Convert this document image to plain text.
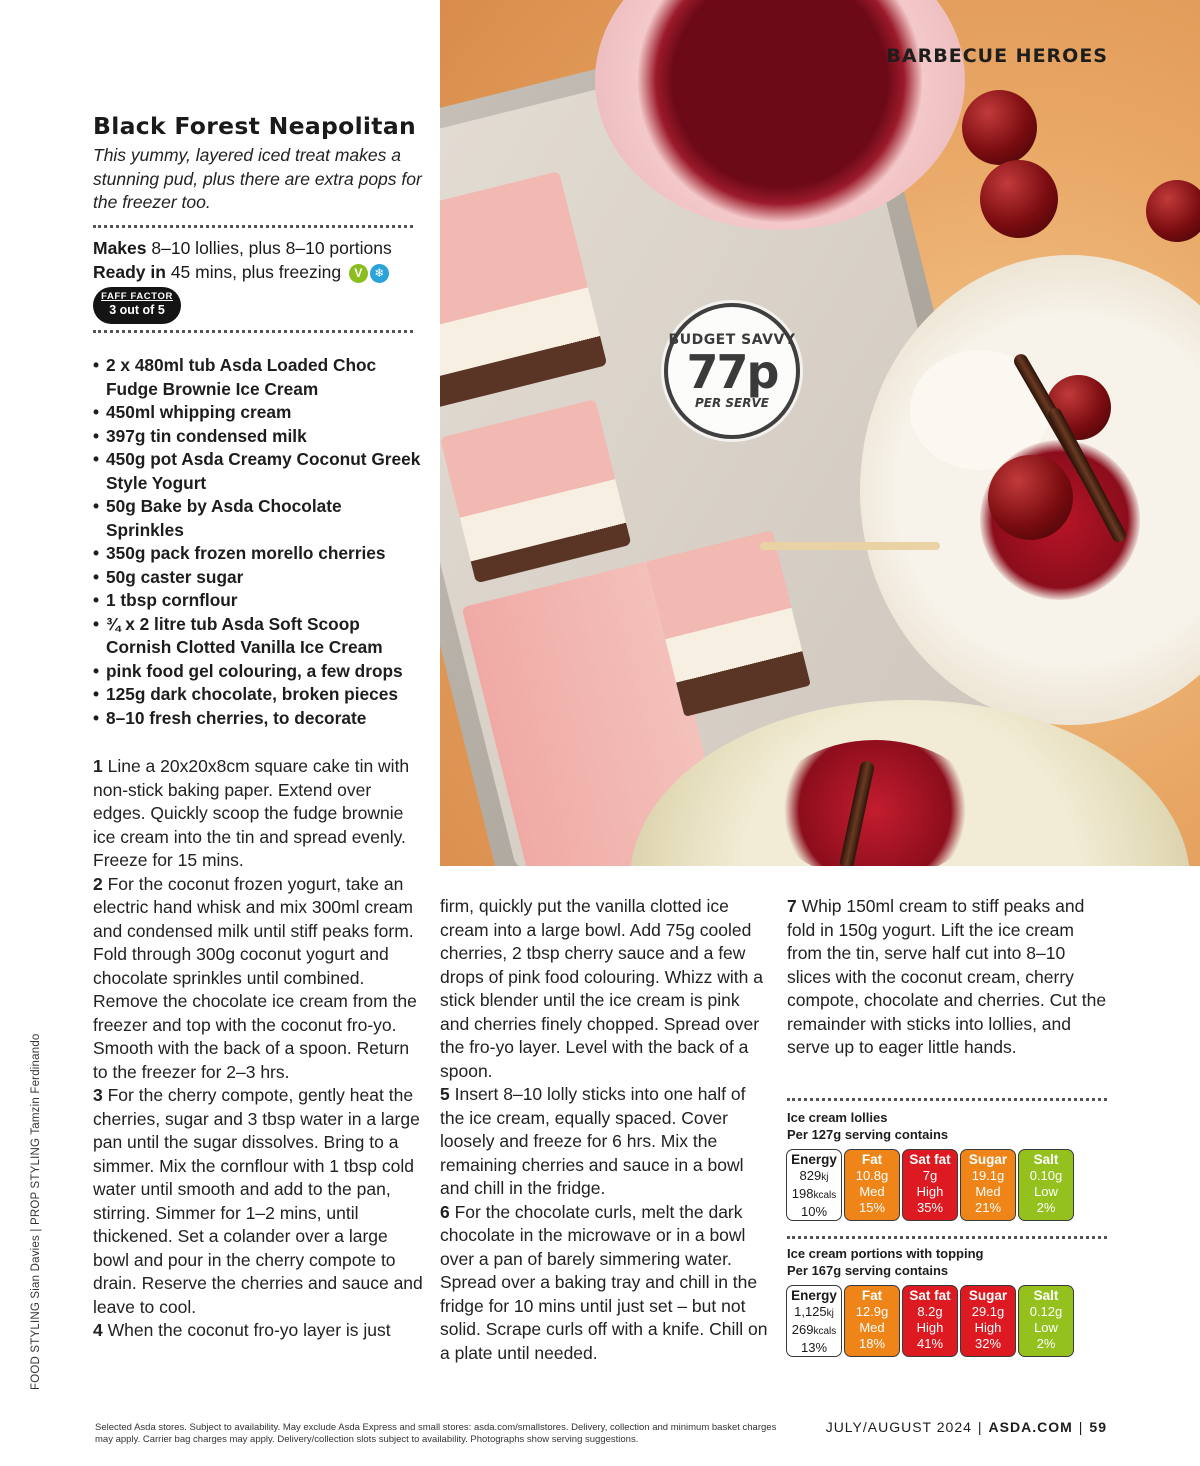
BUDGET SAVVY
77p
PER SERVE
BARBECUE HEROES
Black Forest Neapolitan

This yummy, layered iced treat makes a stunning pud, plus there are extra pops for the freezer too.

Makes 8–10 lollies, plus 8–10 portions
Ready in 45 mins, plus freezing V ❄
FAFF FACTOR
3 out of 5
• 2 x 480ml tub Asda Loaded Choc Fudge Brownie Ice Cream
• 450ml whipping cream
• 397g tin condensed milk
• 450g pot Asda Creamy Coconut Greek Style Yogurt
• 50g Bake by Asda Chocolate Sprinkles
• 350g pack frozen morello cherries
• 50g caster sugar
• 1 tbsp cornflour
• ¾ x 2 litre tub Asda Soft Scoop Cornish Clotted Vanilla Ice Cream
• pink food gel colouring, a few drops
• 125g dark chocolate, broken pieces
• 8–10 fresh cherries, to decorate

1 Line a 20x20x8cm square cake tin with non-stick baking paper. Extend over edges. Quickly scoop the fudge brownie ice cream into the tin and spread evenly. Freeze for 15 mins.

2 For the coconut frozen yogurt, take an electric hand whisk and mix 300ml cream and condensed milk until stiff peaks form. Fold through 300g coconut yogurt and chocolate sprinkles until combined. Remove the chocolate ice cream from the freezer and top with the coconut fro-yo. Smooth with the back of a spoon. Return to the freezer for 2–3 hrs.

3 For the cherry compote, gently heat the cherries, sugar and 3 tbsp water in a large pan until the sugar dissolves. Bring to a simmer. Mix the cornflour with 1 tbsp cold water until smooth and add to the pan, stirring. Simmer for 1–2 mins, until thickened. Set a colander over a large bowl and pour in the cherry compote to drain. Reserve the cherries and sauce and leave to cool.

4 When the coconut fro-yo layer is just

firm, quickly put the vanilla clotted ice cream into a large bowl. Add 75g cooled cherries, 2 tbsp cherry sauce and a few drops of pink food colouring. Whizz with a stick blender until the ice cream is pink and cherries finely chopped. Spread over the fro-yo layer. Level with the back of a spoon.

5 Insert 8–10 lolly sticks into one half of the ice cream, equally spaced. Cover loosely and freeze for 6 hrs. Mix the remaining cherries and sauce in a bowl and chill in the fridge.

6 For the chocolate curls, melt the dark chocolate in the microwave or in a bowl over a pan of barely simmering water. Spread over a baking tray and chill in the fridge for 10 mins until just set – but not solid. Scrape curls off with a knife. Chill on a plate until needed.

7 Whip 150ml cream to stiff peaks and fold in 150g yogurt. Lift the ice cream from the tin, serve half cut into 8–10 slices with the coconut cream, cherry compote, chocolate and cherries. Cut the remainder with sticks into lollies, and serve up to eager little hands.

Ice cream lollies
Per 127g serving contains
Energy
829kj
198kcals
10%
Fat
10.8g
Med
15%
Sat fat
7g
High
35%
Sugar
19.1g
Med
21%
Salt
0.10g
Low
2%
Ice cream portions with topping
Per 167g serving contains
Energy
1,125kj
269kcals
13%
Fat
12.9g
Med
18%
Sat fat
8.2g
High
41%
Sugar
29.1g
High
32%
Salt
0.12g
Low
2%
FOOD STYLING Sian Davies | PROP STYLING Tamzin Ferdinando
Selected Asda stores. Subject to availability. May exclude Asda Express and small stores: asda.com/smallstores. Delivery, collection and minimum basket charges may apply. Carrier bag charges may apply. Delivery/collection slots subject to availability. Photographs show serving suggestions.
JULY/AUGUST 2024 | ASDA.COM | 59
